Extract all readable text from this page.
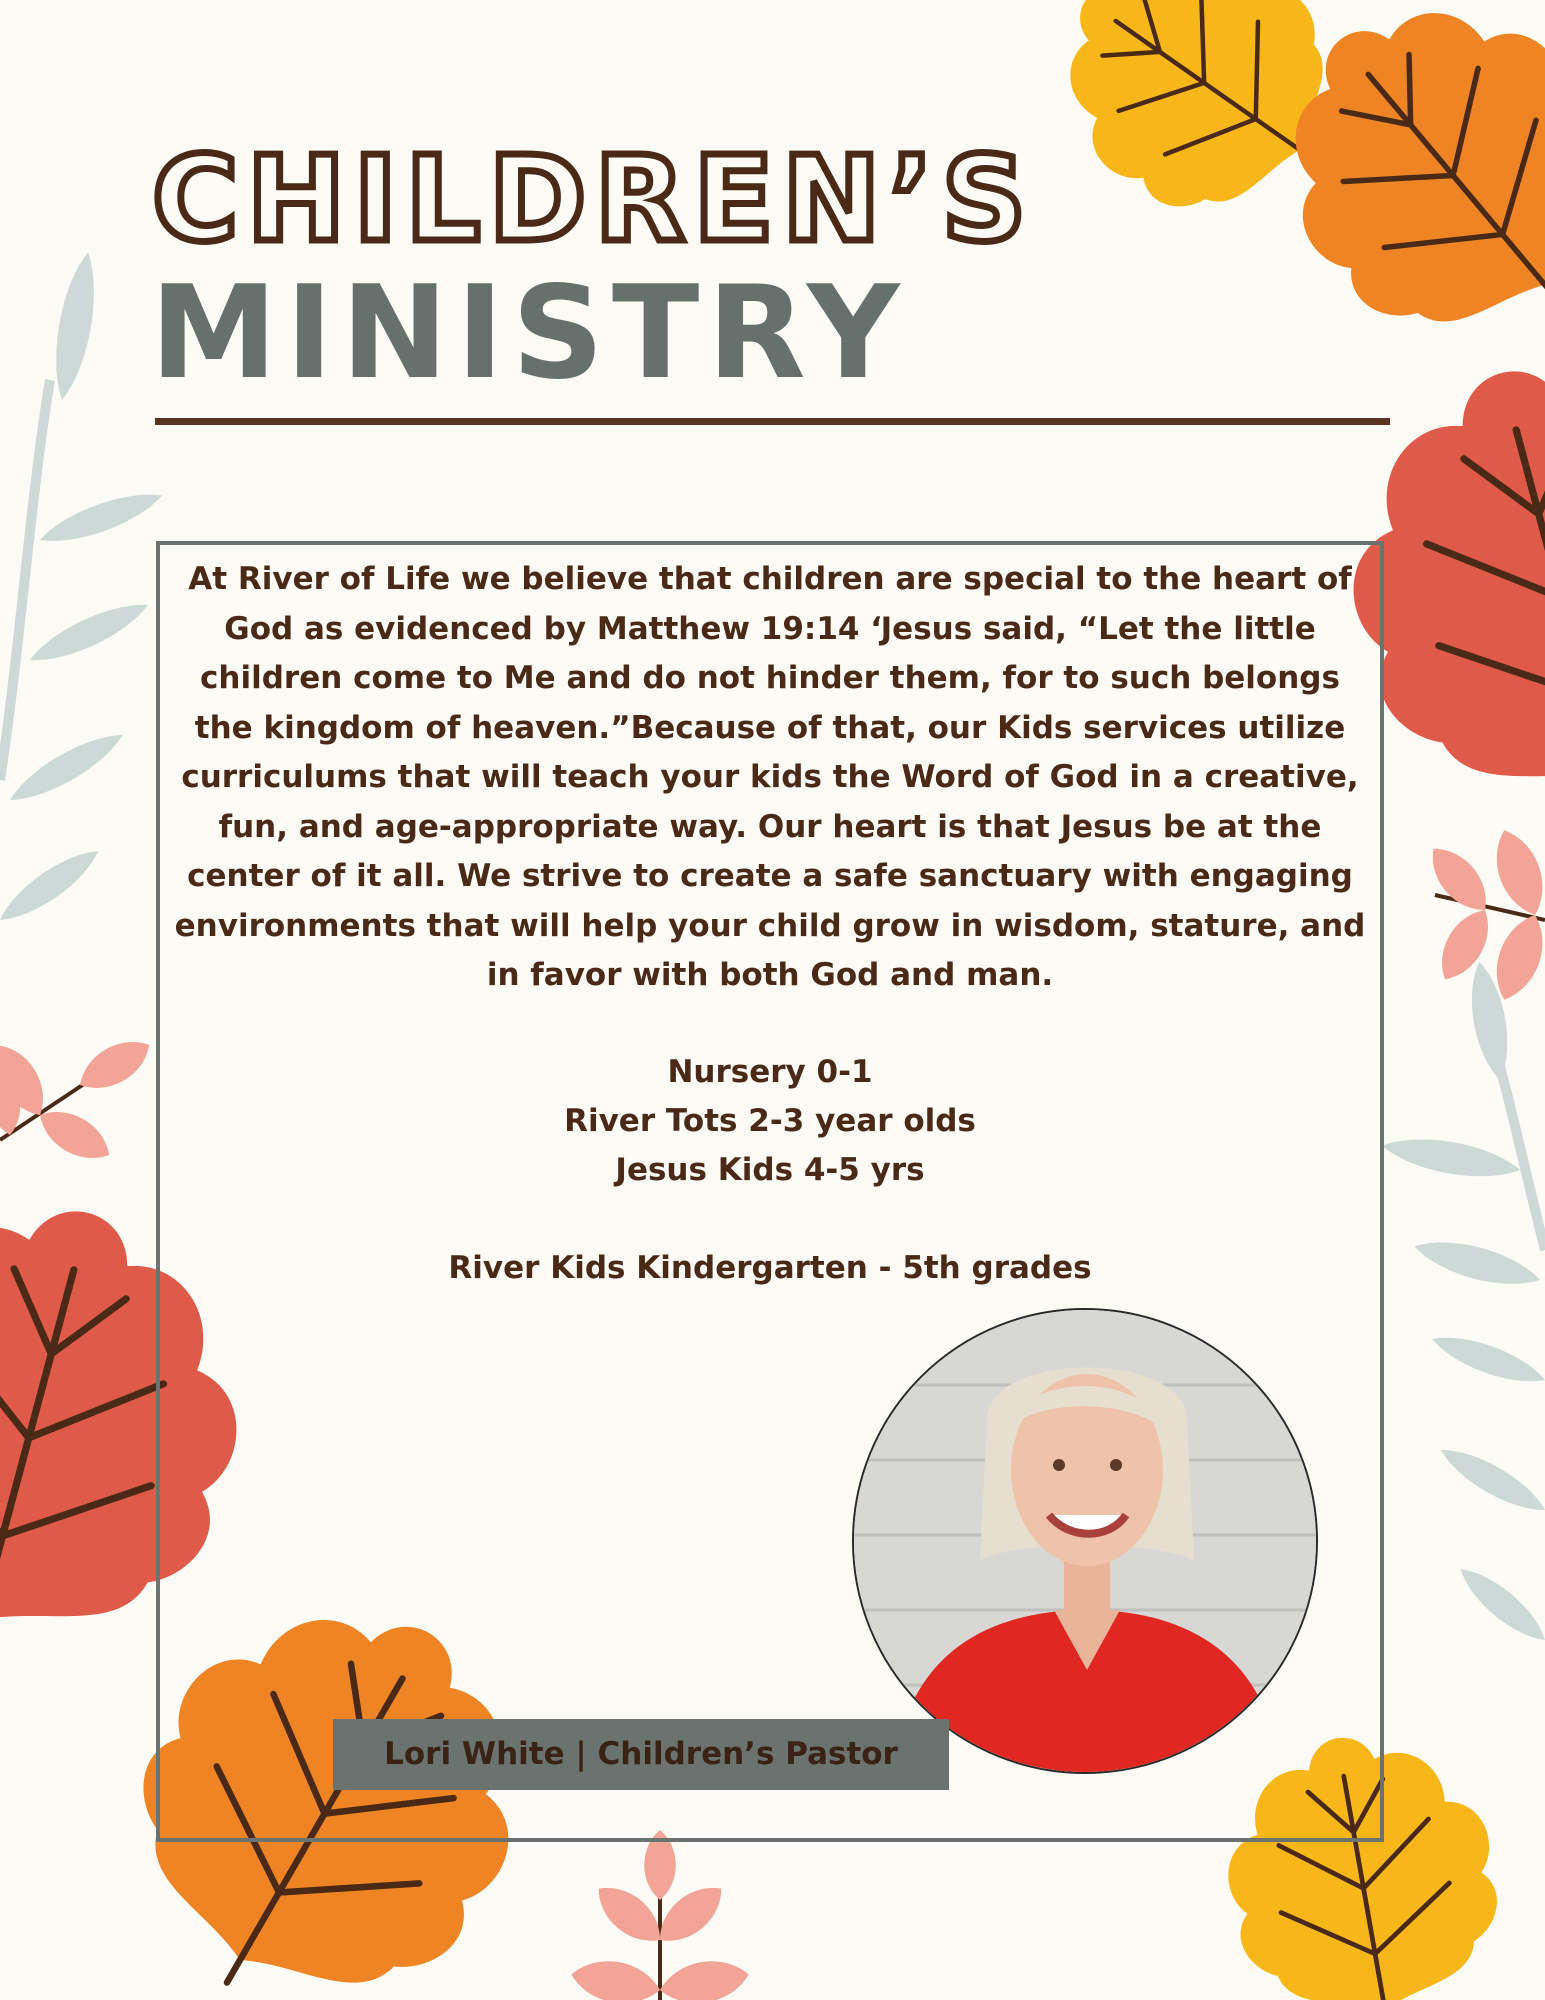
CHILDREN’S
MINISTRY
At River of Life we believe that children are special to the heart of God as evidenced by Matthew 19:14 ‘Jesus said, “Let the little children come to Me and do not hinder them, for to such belongs the kingdom of heaven.”Because of that, our Kids services utilize curriculums that will teach your kids the Word of God in a creative, fun, and age-appropriate way. Our heart is that Jesus be at the center of it all. We strive to create a safe sanctuary with engaging environments that will help your child grow in wisdom, stature, and in favor with both God and man.
Nursery 0-1
River Tots 2-3 year olds
Jesus Kids 4-5 yrs
River Kids Kindergarten - 5th grades
Lori White | Children’s Pastor
